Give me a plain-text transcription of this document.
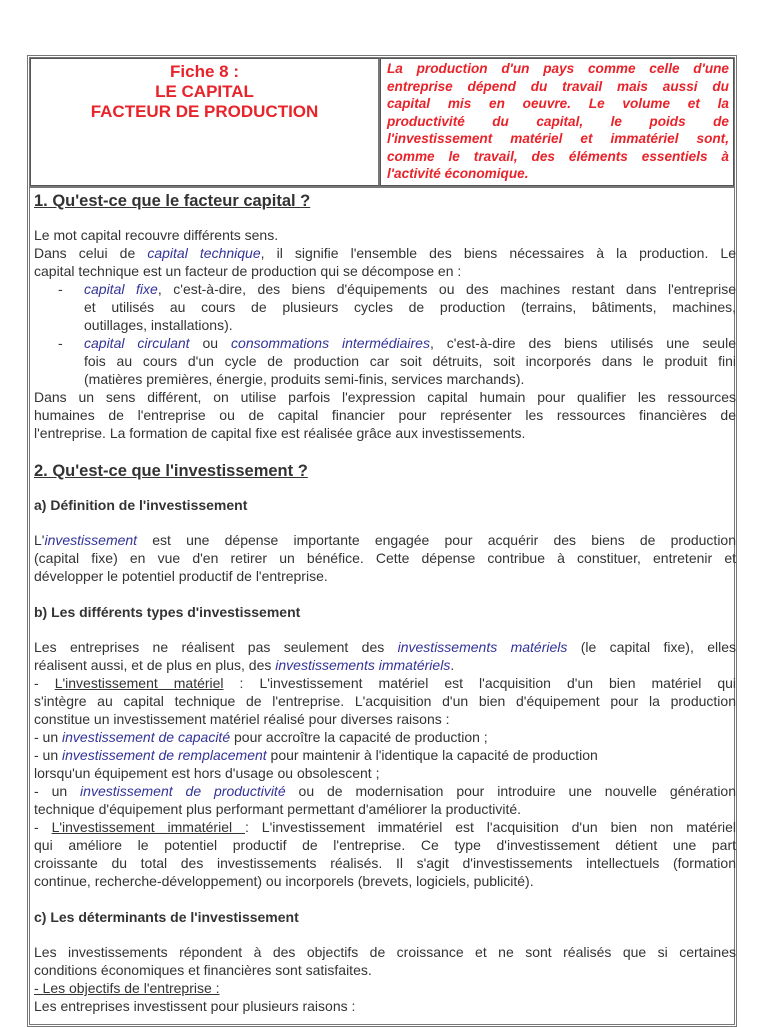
Fiche 8 :
LE CAPITAL
FACTEUR DE PRODUCTION
La production d'un pays comme celle d'une
entreprise dépend du travail mais aussi du
capital mis en oeuvre. Le volume et la
productivité du capital, le poids de
l'investissement matériel et immatériel sont,
comme le travail, des éléments essentiels à
l'activité économique.
1. Qu'est-ce que le facteur capital ?
Le mot capital recouvre différents sens.
Dans celui de capital technique, il signifie l'ensemble des biens nécessaires à la production. Le
capital technique est un facteur de production qui se décompose en :
- capital fixe, c'est-à-dire, des biens d'équipements ou des machines restant dans l'entreprise
et utilisés au cours de plusieurs cycles de production (terrains, bâtiments, machines,
outillages, installations).
- capital circulant ou consommations intermédiaires, c'est-à-dire des biens utilisés une seule
fois au cours d'un cycle de production car soit détruits, soit incorporés dans le produit fini
(matières premières, énergie, produits semi-finis, services marchands).
Dans un sens différent, on utilise parfois l'expression capital humain pour qualifier les ressources
humaines de l'entreprise ou de capital financier pour représenter les ressources financières de
l'entreprise. La formation de capital fixe est réalisée grâce aux investissements.
2. Qu'est-ce que l'investissement ?
a) Définition de l'investissement
L'investissement est une dépense importante engagée pour acquérir des biens de production
(capital fixe) en vue d'en retirer un bénéfice. Cette dépense contribue à constituer, entretenir et
développer le potentiel productif de l'entreprise.
b) Les différents types d'investissement
Les entreprises ne réalisent pas seulement des investissements matériels (le capital fixe), elles
réalisent aussi, et de plus en plus, des investissements immatériels.
- L'investissement matériel : L'investissement matériel est l'acquisition d'un bien matériel qui
s'intègre au capital technique de l'entreprise. L'acquisition d'un bien d'équipement pour la production
constitue un investissement matériel réalisé pour diverses raisons :
- un investissement de capacité pour accroître la capacité de production ;
- un investissement de remplacement pour maintenir à l'identique la capacité de production
lorsqu'un équipement est hors d'usage ou obsolescent ;
- un investissement de productivité ou de modernisation pour introduire une nouvelle génération
technique d'équipement plus performant permettant d'améliorer la productivité.
- L'investissement immatériel : L'investissement immatériel est l'acquisition d'un bien non matériel
qui améliore le potentiel productif de l'entreprise. Ce type d'investissement détient une part
croissante du total des investissements réalisés. Il s'agit d'investissements intellectuels (formation
continue, recherche-développement) ou incorporels (brevets, logiciels, publicité).
c) Les déterminants de l'investissement
Les investissements répondent à des objectifs de croissance et ne sont réalisés que si certaines
conditions économiques et financières sont satisfaites.
- Les objectifs de l'entreprise :
Les entreprises investissent pour plusieurs raisons :
